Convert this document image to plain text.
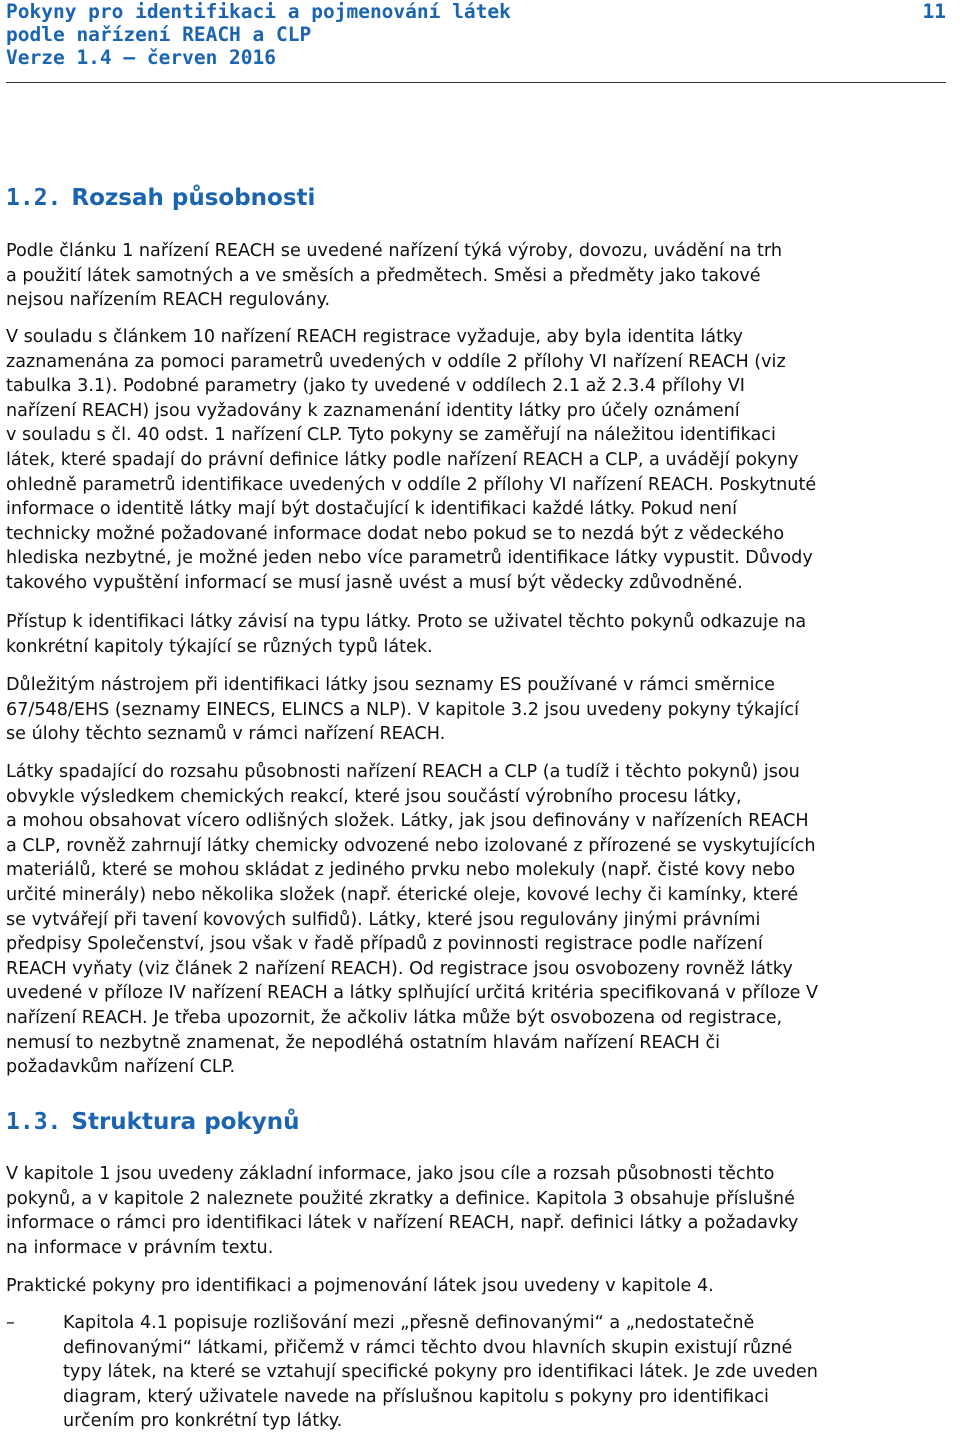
Pokyny pro identifikaci a pojmenování látek
podle nařízení REACH a CLP
Verze 1.4 – červen 2016
11
1.2. Rozsah působnosti

Podle článku 1 nařízení REACH se uvedené nařízení týká výroby, dovozu, uvádění na trh
a použití látek samotných a ve směsích a předmětech. Směsi a předměty jako takové
nejsou nařízením REACH regulovány.

V souladu s článkem 10 nařízení REACH registrace vyžaduje, aby byla identita látky
zaznamenána za pomoci parametrů uvedených v oddíle 2 přílohy VI nařízení REACH (viz
tabulka 3.1). Podobné parametry (jako ty uvedené v oddílech 2.1 až 2.3.4 přílohy VI
nařízení REACH) jsou vyžadovány k zaznamenání identity látky pro účely oznámení
v souladu s čl. 40 odst. 1 nařízení CLP. Tyto pokyny se zaměřují na náležitou identifikaci
látek, které spadají do právní definice látky podle nařízení REACH a CLP, a uvádějí pokyny
ohledně parametrů identifikace uvedených v oddíle 2 přílohy VI nařízení REACH. Poskytnuté
informace o identitě látky mají být dostačující k identifikaci každé látky. Pokud není
technicky možné požadované informace dodat nebo pokud se to nezdá být z vědeckého
hlediska nezbytné, je možné jeden nebo více parametrů identifikace látky vypustit. Důvody
takového vypuštění informací se musí jasně uvést a musí být vědecky zdůvodněné.

Přístup k identifikaci látky závisí na typu látky. Proto se uživatel těchto pokynů odkazuje na
konkrétní kapitoly týkající se různých typů látek.

Důležitým nástrojem při identifikaci látky jsou seznamy ES používané v rámci směrnice
67/548/EHS (seznamy EINECS, ELINCS a NLP). V kapitole 3.2 jsou uvedeny pokyny týkající
se úlohy těchto seznamů v rámci nařízení REACH.

Látky spadající do rozsahu působnosti nařízení REACH a CLP (a tudíž i těchto pokynů) jsou
obvykle výsledkem chemických reakcí, které jsou součástí výrobního procesu látky,
a mohou obsahovat vícero odlišných složek. Látky, jak jsou definovány v nařízeních REACH
a CLP, rovněž zahrnují látky chemicky odvozené nebo izolované z přírozené se vyskytujících
materiálů, které se mohou skládat z jediného prvku nebo molekuly (např. čisté kovy nebo
určité minerály) nebo několika složek (např. éterické oleje, kovové lechy či kamínky, které
se vytvářejí při tavení kovových sulfidů). Látky, které jsou regulovány jinými právními
předpisy Společenství, jsou však v řadě případů z povinnosti registrace podle nařízení
REACH vyňaty (viz článek 2 nařízení REACH). Od registrace jsou osvobozeny rovněž látky
uvedené v příloze IV nařízení REACH a látky splňující určitá kritéria specifikovaná v příloze V
nařízení REACH. Je třeba upozornit, že ačkoliv látka může být osvobozena od registrace,
nemusí to nezbytně znamenat, že nepodléhá ostatním hlavám nařízení REACH či
požadavkům nařízení CLP.

1.3. Struktura pokynů

V kapitole 1 jsou uvedeny základní informace, jako jsou cíle a rozsah působnosti těchto
pokynů, a v kapitole 2 naleznete použité zkratky a definice. Kapitola 3 obsahuje příslušné
informace o rámci pro identifikaci látek v nařízení REACH, např. definici látky a požadavky
na informace v právním textu.

Praktické pokyny pro identifikaci a pojmenování látek jsou uvedeny v kapitole 4.

–	Kapitola 4.1 popisuje rozlišování mezi „přesně definovanými“ a „nedostatečně
definovanými“ látkami, přičemž v rámci těchto dvou hlavních skupin existují různé
typy látek, na které se vztahují specifické pokyny pro identifikaci látek. Je zde uveden
diagram, který uživatele navede na příslušnou kapitolu s pokyny pro identifikaci
určením pro konkrétní typ látky.
